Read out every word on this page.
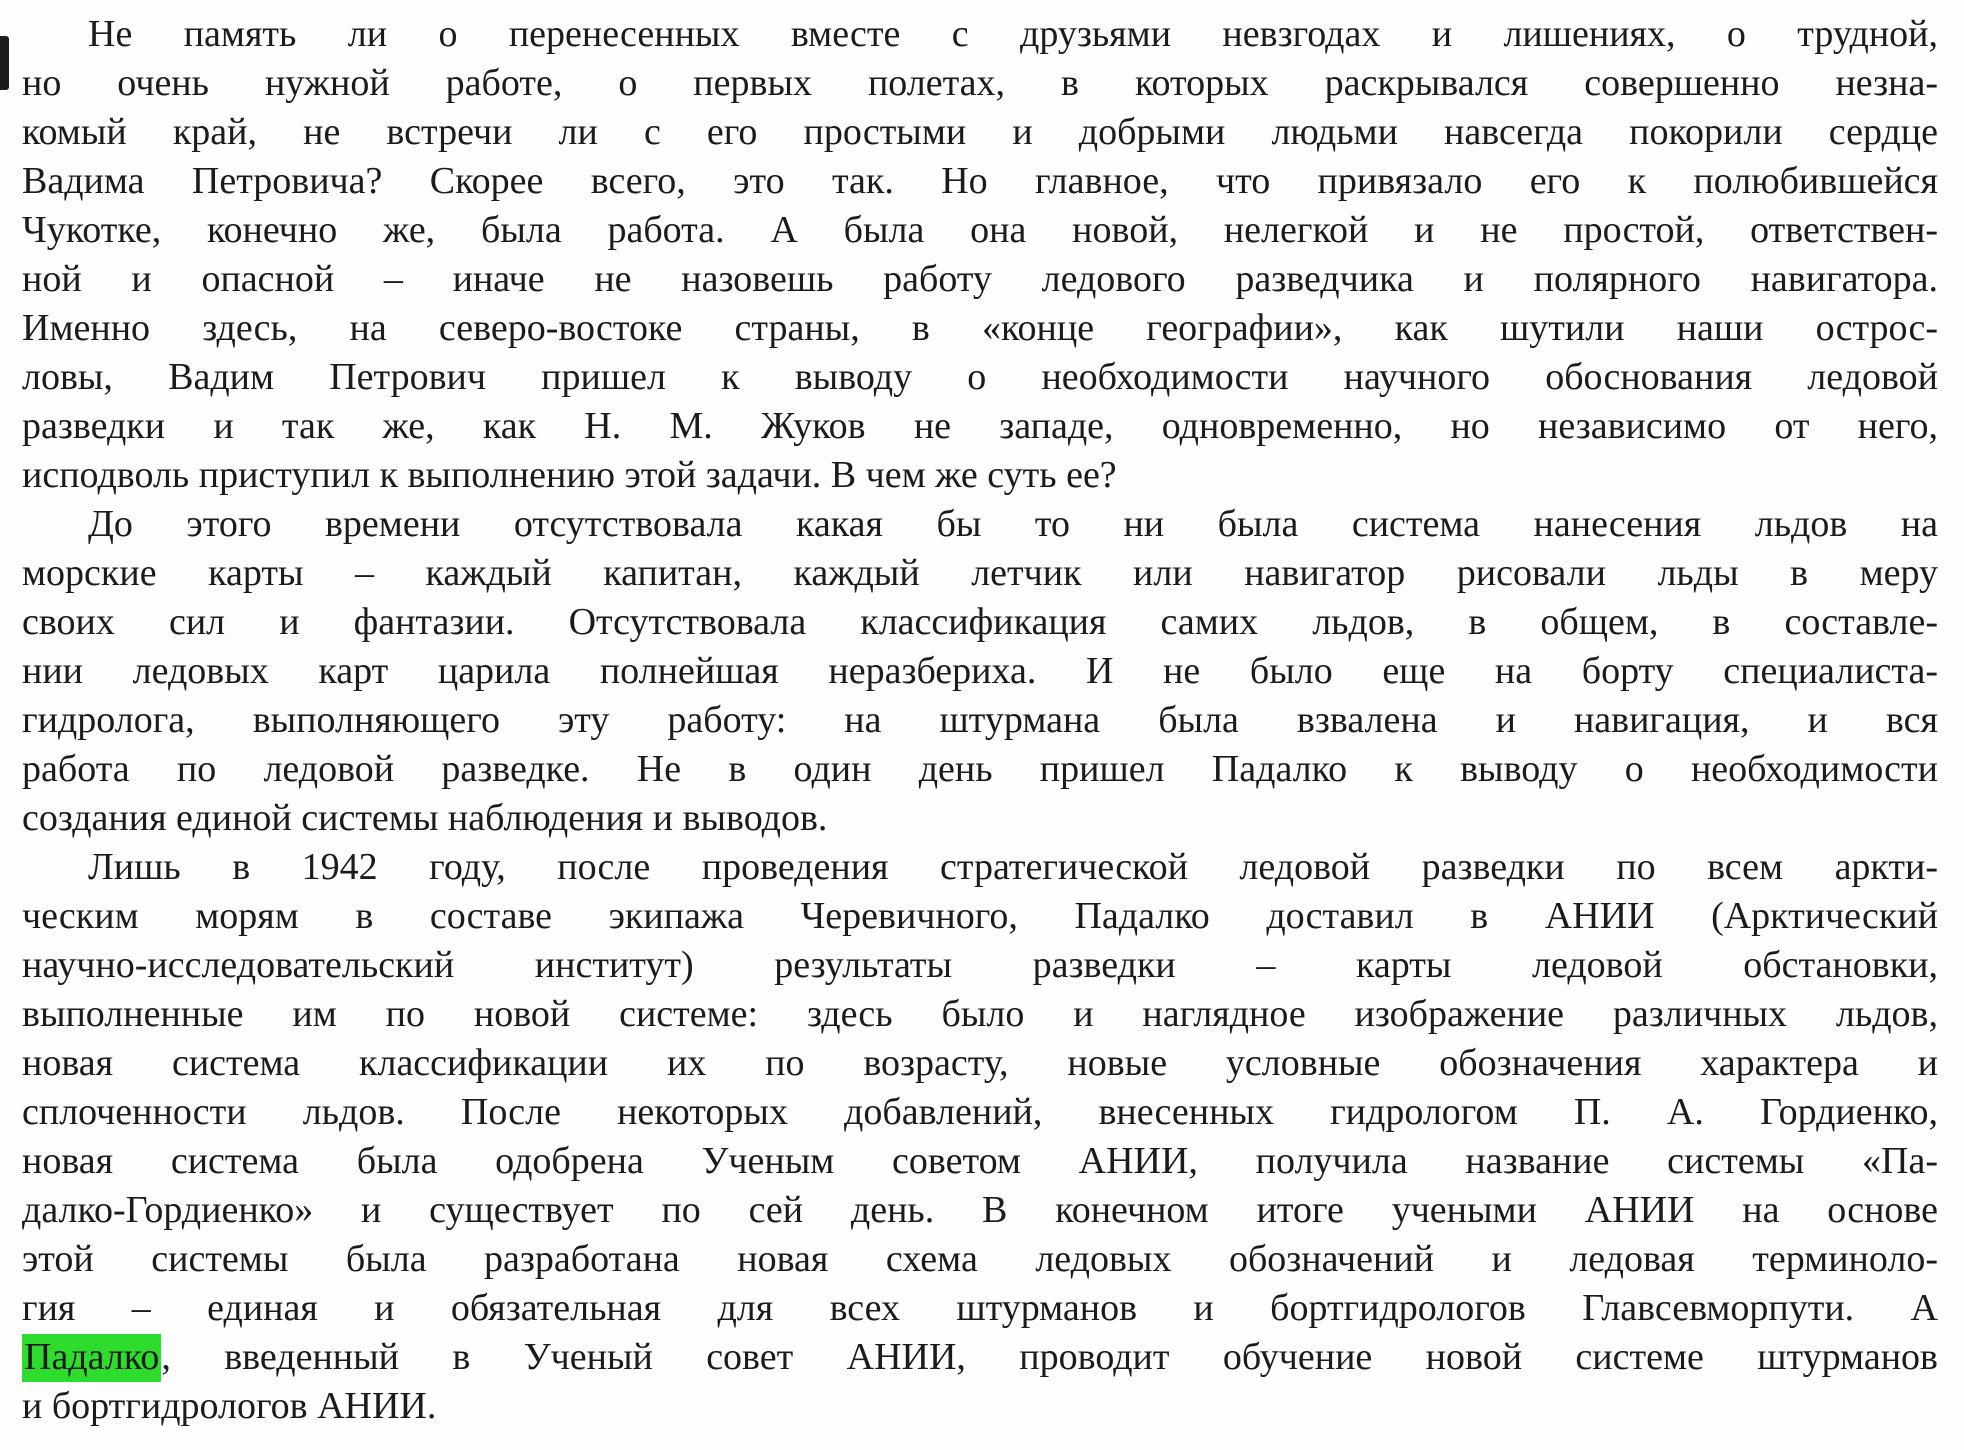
Не память ли о перенесенных вместе с друзьями невзгодах и лишениях, о трудной,
но очень нужной работе, о первых полетах, в которых раскрывался совершенно незна-
комый край, не встречи ли с его простыми и добрыми людьми навсегда покорили сердце
Вадима Петровича? Скорее всего, это так. Но главное, что привязало его к полюбившейся
Чукотке, конечно же, была работа. А была она новой, нелегкой и не простой, ответствен-
ной и опасной – иначе не назовешь работу ледового разведчика и полярного навигатора.
Именно здесь, на северо-востоке страны, в «конце географии», как шутили наши острос-
ловы, Вадим Петрович пришел к выводу о необходимости научного обоснования ледовой
разведки и так же, как Н. М. Жуков не западе, одновременно, но независимо от него,
исподволь приступил к выполнению этой задачи. В чем же суть ее?
До этого времени отсутствовала какая бы то ни была система нанесения льдов на
морские карты – каждый капитан, каждый летчик или навигатор рисовали льды в меру
своих сил и фантазии. Отсутствовала классификация самих льдов, в общем, в составле-
нии ледовых карт царила полнейшая неразбериха. И не было еще на борту специалиста-
гидролога, выполняющего эту работу: на штурмана была взвалена и навигация, и вся
работа по ледовой разведке. Не в один день пришел Падалко к выводу о необходимости
создания единой системы наблюдения и выводов.
Лишь в 1942 году, после проведения стратегической ледовой разведки по всем аркти-
ческим морям в составе экипажа Черевичного, Падалко доставил в АНИИ (Арктический
научно-исследовательский институт) результаты разведки – карты ледовой обстановки,
выполненные им по новой системе: здесь было и наглядное изображение различных льдов,
новая система классификации их по возрасту, новые условные обозначения характера и
сплоченности льдов. После некоторых добавлений, внесенных гидрологом П. А. Гордиенко,
новая система была одобрена Ученым советом АНИИ, получила название системы «Па-
далко-Гордиенко» и существует по сей день. В конечном итоге учеными АНИИ на основе
этой системы была разработана новая схема ледовых обозначений и ледовая терминоло-
гия – единая и обязательная для всех штурманов и бортгидрологов Главсевморпути. А
Падалко, введенный в Ученый совет АНИИ, проводит обучение новой системе штурманов
и бортгидрологов АНИИ.
